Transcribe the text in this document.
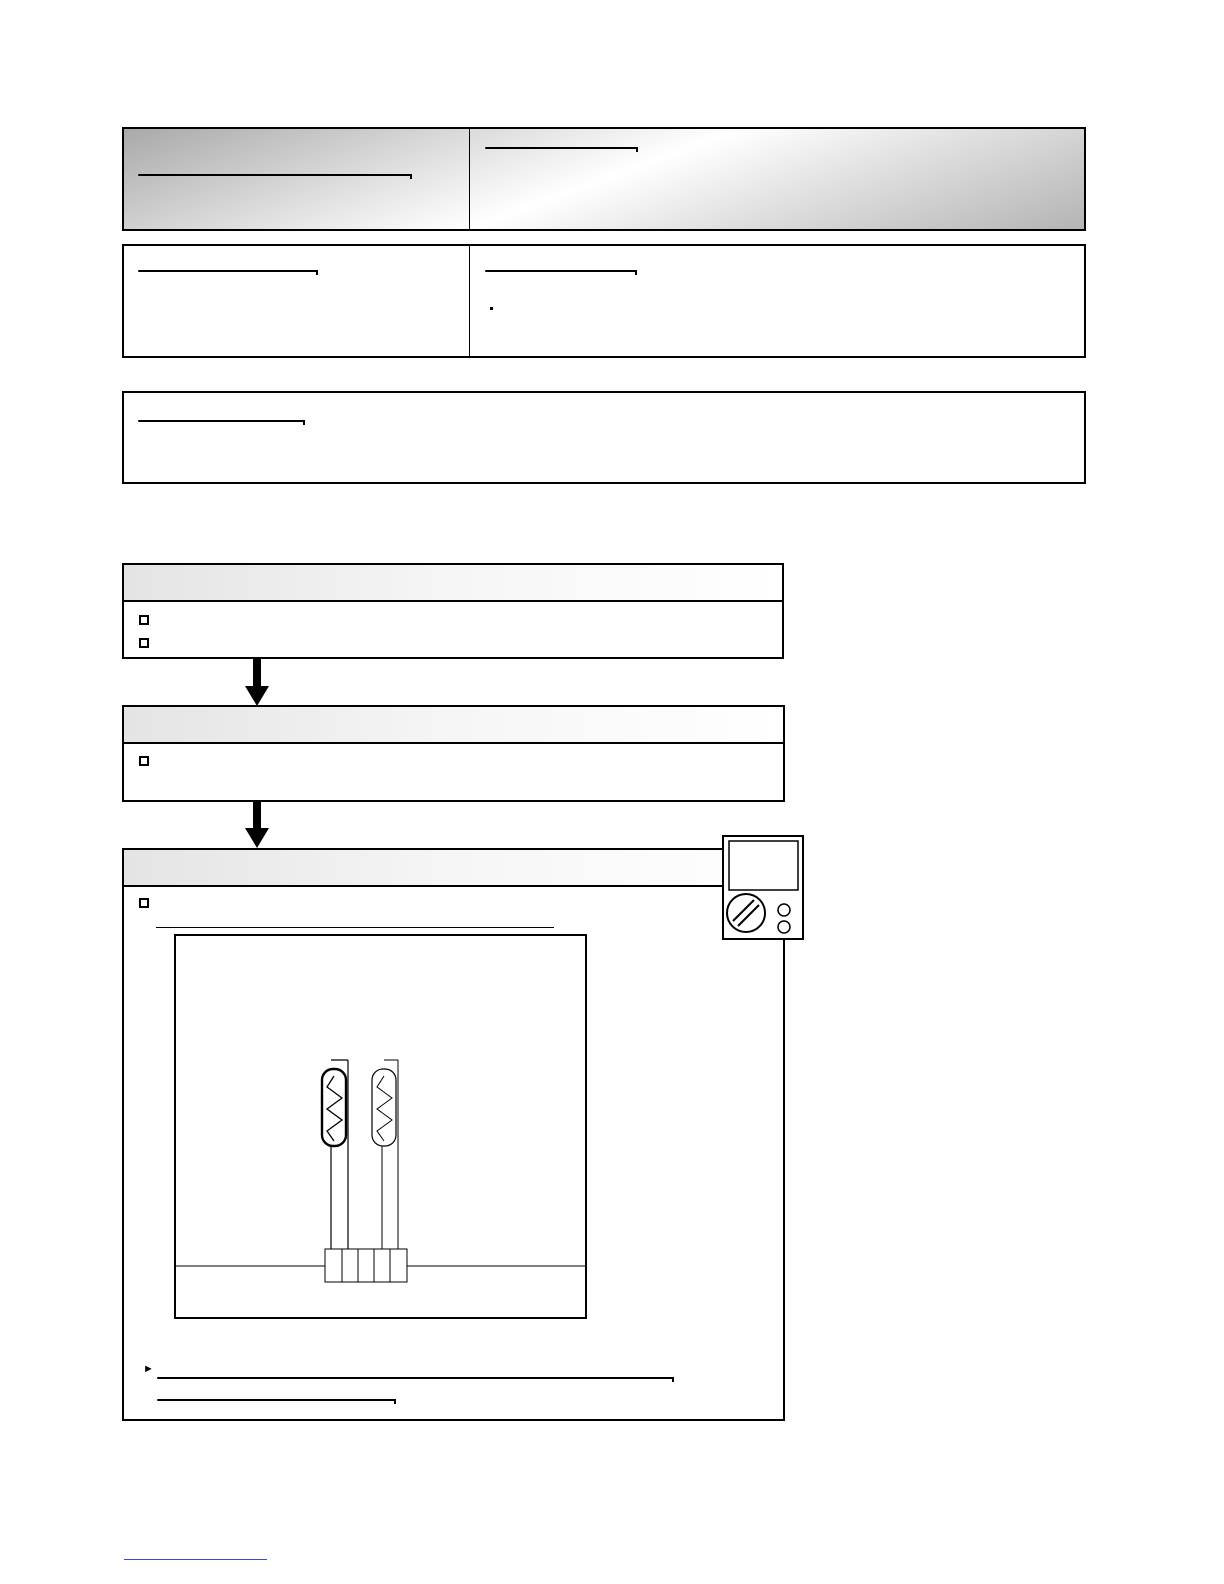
►
